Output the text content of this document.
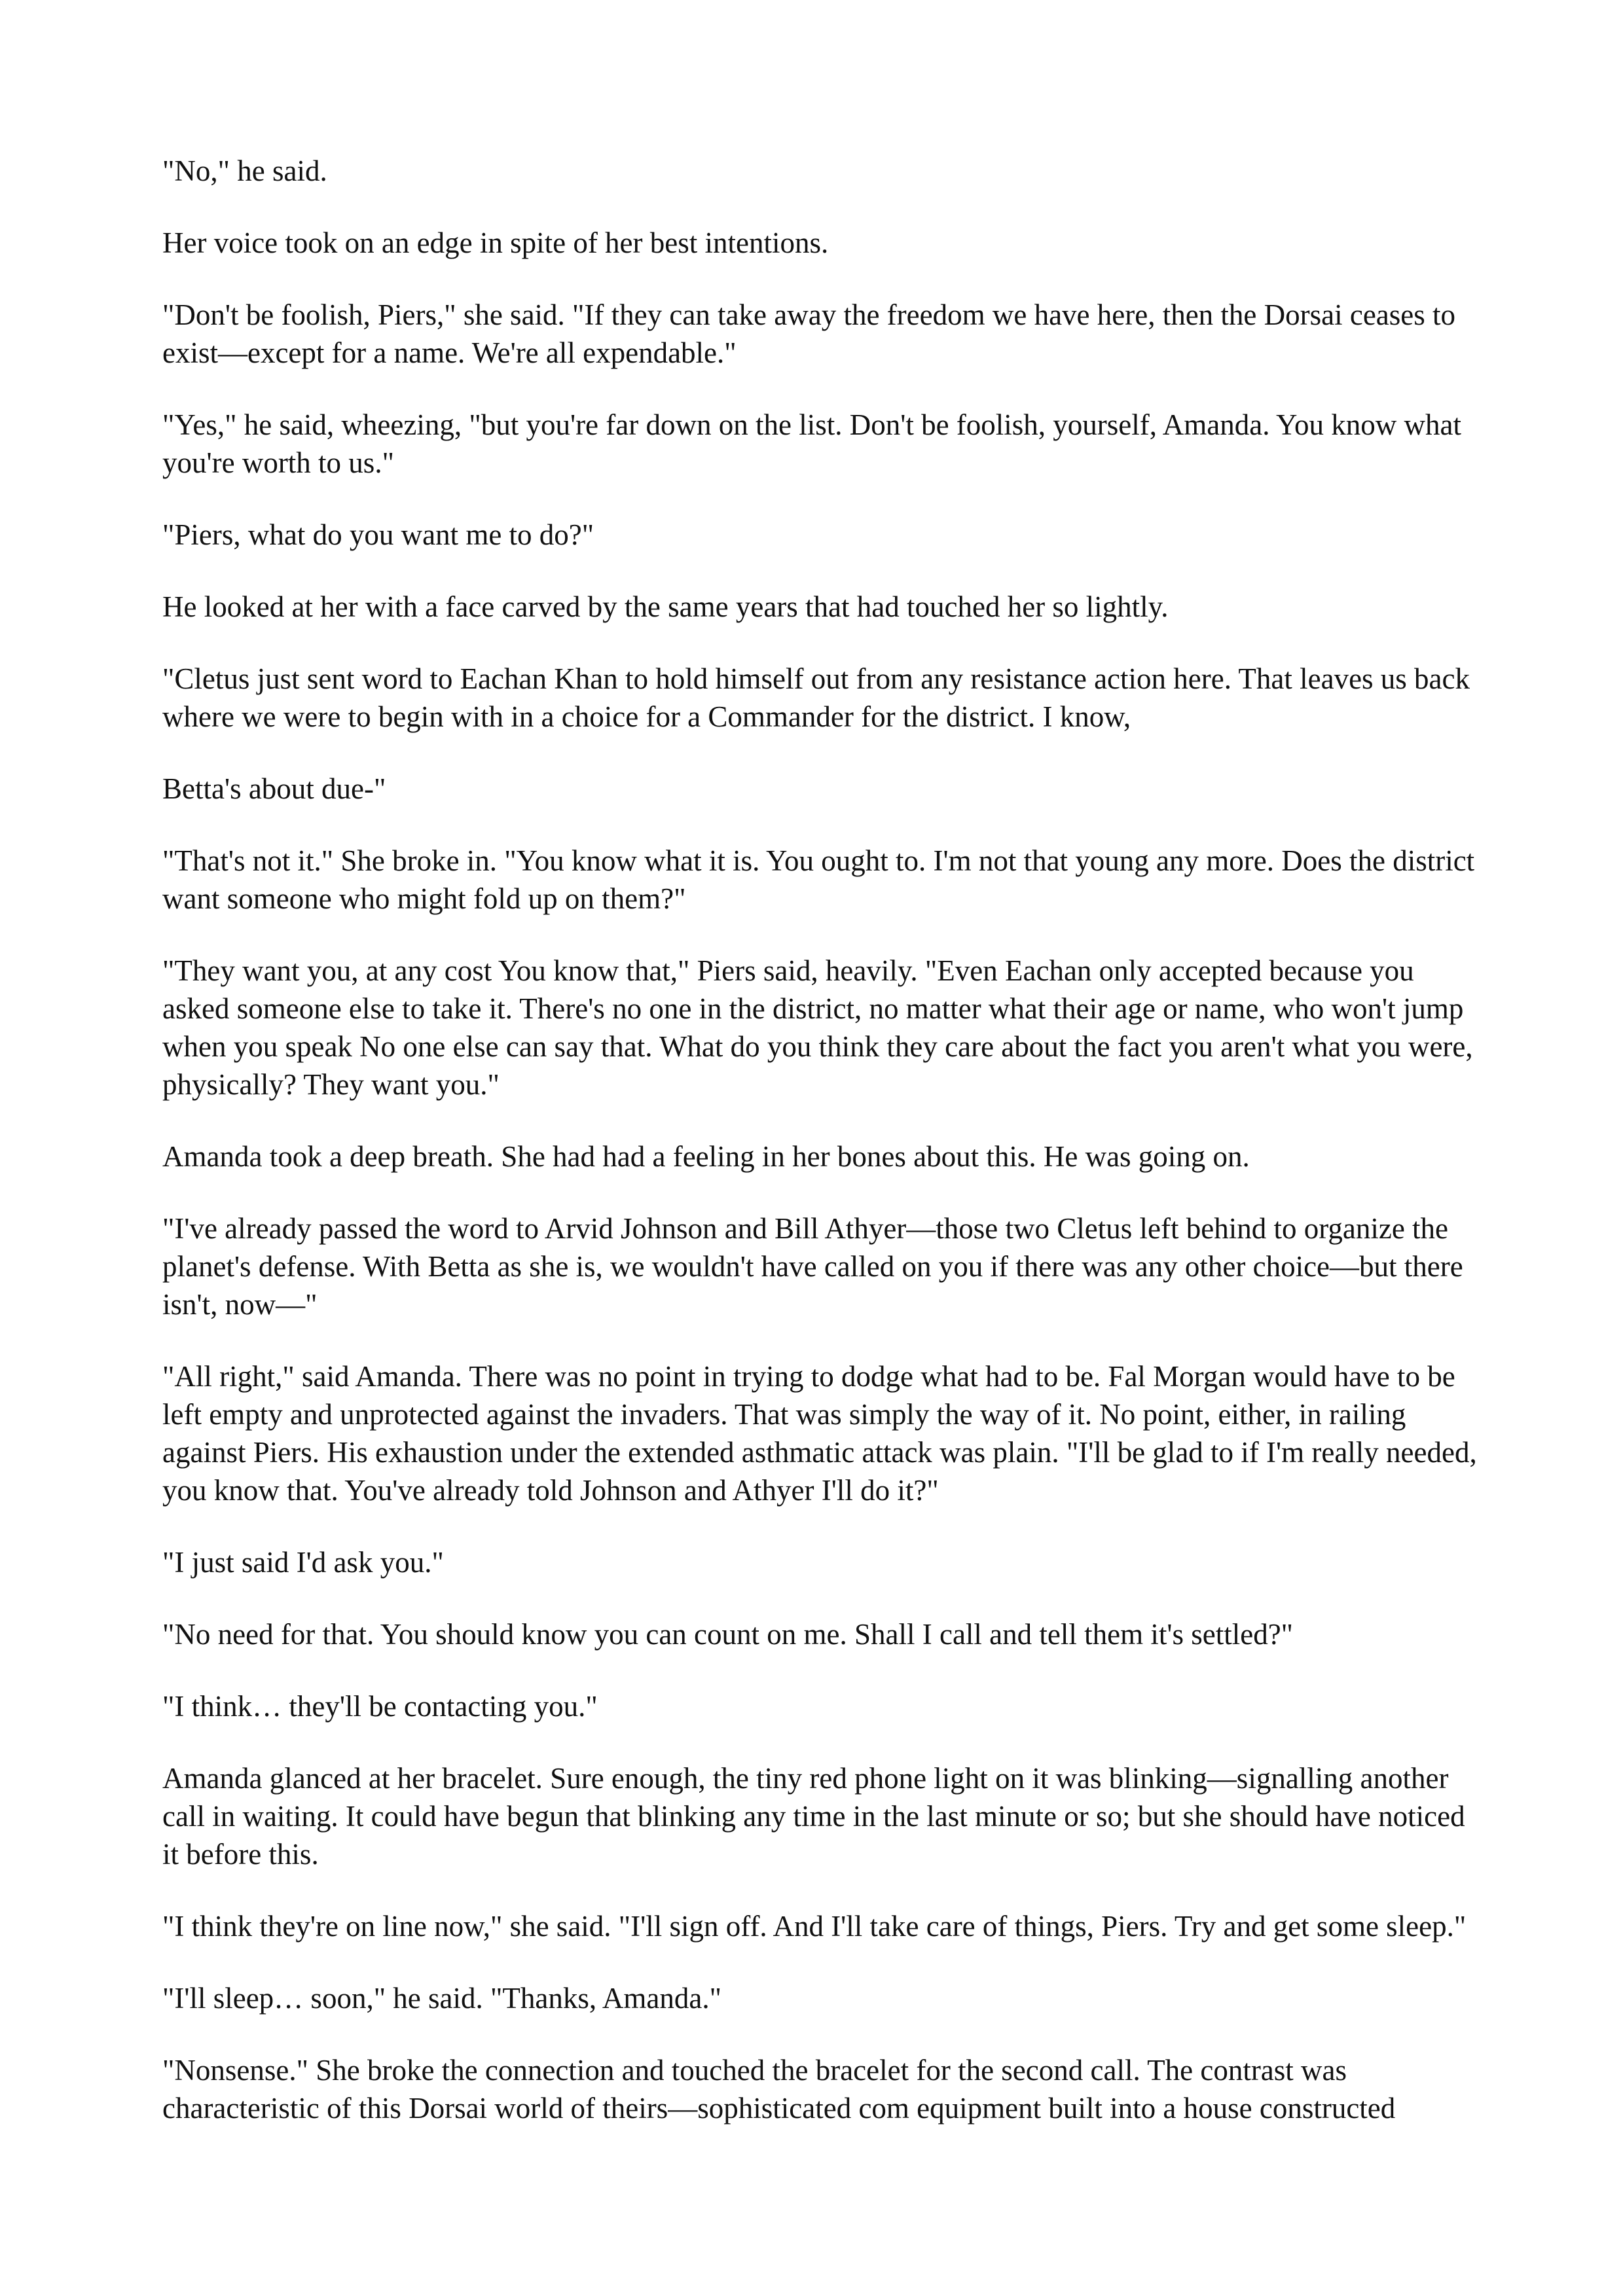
"No," he said.

Her voice took on an edge in spite of her best intentions.

"Don't be foolish, Piers," she said. "If they can take away the freedom we have here, then the Dorsai ceases to exist—except for a name. We're all expendable."

"Yes," he said, wheezing, "but you're far down on the list. Don't be foolish, yourself, Amanda. You know what you're worth to us."

"Piers, what do you want me to do?"

He looked at her with a face carved by the same years that had touched her so lightly.

"Cletus just sent word to Eachan Khan to hold himself out from any resistance action here. That leaves us back where we were to begin with in a choice for a Commander for the district. I know,

Betta's about due-"

"That's not it." She broke in. "You know what it is. You ought to. I'm not that young any more. Does the district want someone who might fold up on them?"

"They want you, at any cost You know that," Piers said, heavily. "Even Eachan only accepted because you asked someone else to take it. There's no one in the district, no matter what their age or name, who won't jump when you speak No one else can say that. What do you think they care about the fact you aren't what you were, physically? They want you."

Amanda took a deep breath. She had had a feeling in her bones about this. He was going on.

"I've already passed the word to Arvid Johnson and Bill Athyer—those two Cletus left behind to organize the planet's defense. With Betta as she is, we wouldn't have called on you if there was any other choice—but there isn't, now—"

"All right," said Amanda. There was no point in trying to dodge what had to be. Fal Morgan would have to be left empty and unprotected against the invaders. That was simply the way of it. No point, either, in railing against Piers. His exhaustion under the extended asthmatic attack was plain. "I'll be glad to if I'm really needed, you know that. You've already told Johnson and Athyer I'll do it?"

"I just said I'd ask you."

"No need for that. You should know you can count on me. Shall I call and tell them it's settled?"

"I think… they'll be contacting you."

Amanda glanced at her bracelet. Sure enough, the tiny red phone light on it was blinking—signalling another call in waiting. It could have begun that blinking any time in the last minute or so; but she should have noticed it before this.

"I think they're on line now," she said. "I'll sign off. And I'll take care of things, Piers. Try and get some sleep."

"I'll sleep… soon," he said. "Thanks, Amanda."

"Nonsense." She broke the connection and touched the bracelet for the second call. The contrast was characteristic of this Dorsai world of theirs—sophisticated com equipment built into a house constructed
